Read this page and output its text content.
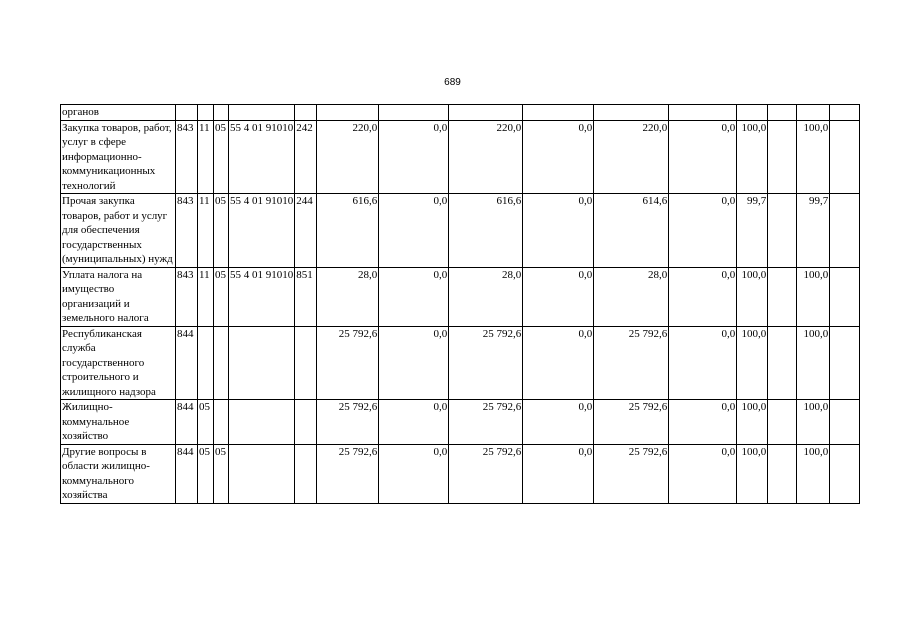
689
органов															
Закупка товаров, работ, услуг в сфере информационно-коммуникационных технологий	843	11	05	55 4 01 91010	242	220,0	0,0	220,0	0,0	220,0	0,0	100,0		100,0	
Прочая закупка товаров, работ и услуг для обеспечения государственных (муниципальных) нужд	843	11	05	55 4 01 91010	244	616,6	0,0	616,6	0,0	614,6	0,0	99,7		99,7	
Уплата налога на имущество организаций и земельного налога	843	11	05	55 4 01 91010	851	28,0	0,0	28,0	0,0	28,0	0,0	100,0		100,0	
Республиканская служба государственного строительного и жилищного надзора	844					25 792,6	0,0	25 792,6	0,0	25 792,6	0,0	100,0		100,0	
Жилищно-коммунальное хозяйство	844	05				25 792,6	0,0	25 792,6	0,0	25 792,6	0,0	100,0		100,0	
Другие вопросы в области жилищно-коммунального хозяйства	844	05	05			25 792,6	0,0	25 792,6	0,0	25 792,6	0,0	100,0		100,0	
